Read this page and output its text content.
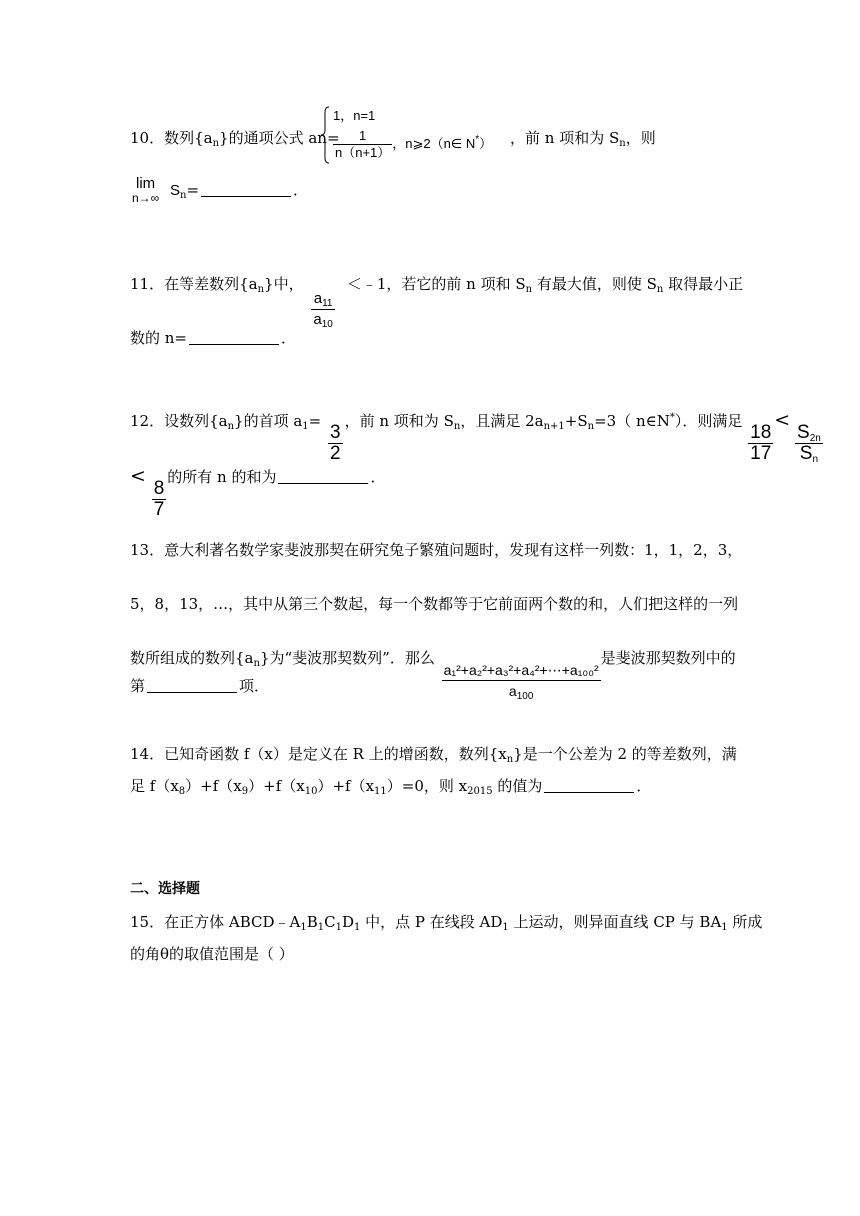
10．数列$\{a_n\}$的通项公式 an=
1，n=1
$\frac{1}{n(n+1)}$ ，n⩾2（n∈ N*） ，前 n 项和为 $S_n$，则
lim
n→∞ $S_n=$	．
11．在等差数列$\{a_n\}$中，
$\frac{a_{11}}{a_{10}}$
＜﹣1，若它的前 n 项和 $S_n$ 有最大值，则使 $S_n$ 取得最小正
数的 n=	．
12．设数列$\{a_n\}$的首项 $a_1=$
$\frac{3}{2}$
，前 n 项和为 $S_n$，且满足 $2a_{n+1}+S_n=3$（ n∈N*）．则满足
$\frac{18}{17}$
<
$\frac{S_{2n}}{S_n}$
<
$\frac{8}{7}$
的所有 n 的和为	．
13．意大利著名数学家斐波那契在研究兔子繁殖问题时，发现有这样一列数：1，1，2，3，
5，8，13，…，其中从第三个数起，每一个数都等于它前面两个数的和，人们把这样的一列
数所组成的数列$\{a_n\}$为“斐波那契数列”．那么
$\frac{\text{a₁²+a₂²+a₃²+a₄²+⋯+a₁₀₀²}}{a_{100}}$
是斐波那契数列中的
第	项．
14．已知奇函数 f（x）是定义在 R 上的增函数，数列$\{x_n\}$是一个公差为 2 的等差数列，满
足 $f(x_8)+f(x_9)+f(x_{10})+f(x_{11})=0$，则 $x_{2015}$ 的值为	．
二、选择题
15．在正方体 $ABCD﹣A_1B_1C_1D_1$ 中，点 P 在线段 $AD_1$ 上运动，则异面直线 CP 与 $BA_1$ 所成
的角θ的取值范围是（ ）
